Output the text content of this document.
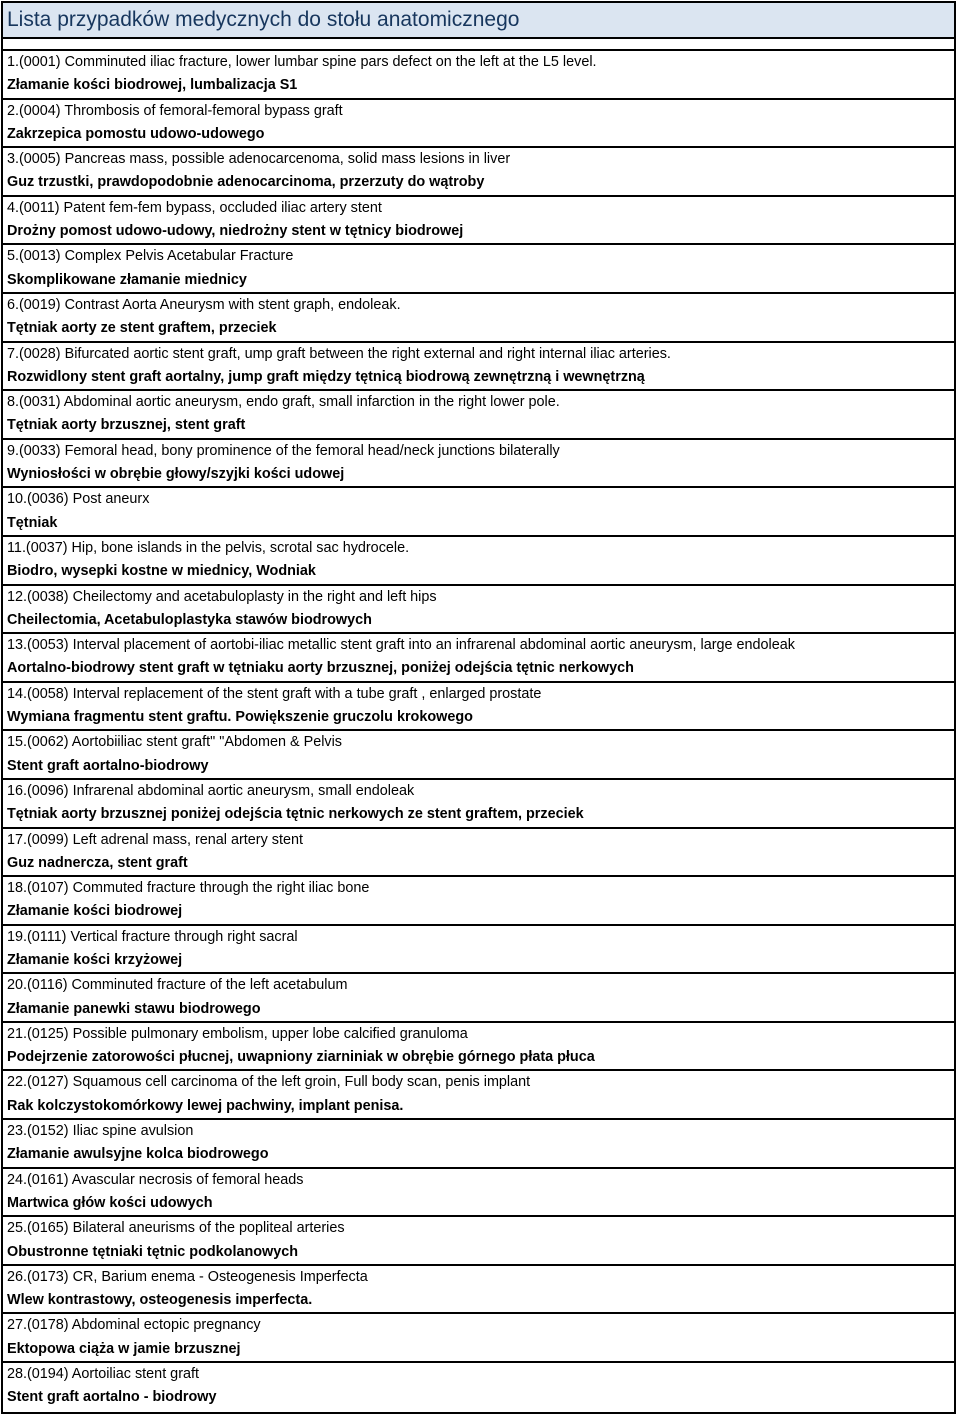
Lista przypadków medycznych do stołu anatomicznego
1.(0001) Comminuted iliac fracture, lower lumbar spine pars defect on the left at the L5 level.
Złamanie kości biodrowej, lumbalizacja S1
2.(0004) Thrombosis of femoral-femoral bypass graft
Zakrzepica pomostu udowo-udowego
3.(0005) Pancreas mass, possible adenocarcenoma, solid mass lesions in liver
Guz trzustki, prawdopodobnie adenocarcinoma, przerzuty do wątroby
4.(0011) Patent fem-fem bypass, occluded iliac artery stent
Drożny pomost udowo-udowy, niedrożny stent w tętnicy biodrowej
5.(0013) Complex Pelvis Acetabular Fracture
Skomplikowane złamanie miednicy
6.(0019) Contrast Aorta Aneurysm with stent graph, endoleak.
Tętniak aorty ze stent graftem, przeciek
7.(0028) Bifurcated aortic stent graft, ump graft between the right external and right internal iliac arteries.
Rozwidlony stent graft aortalny, jump graft między tętnicą biodrową zewnętrzną i wewnętrzną
8.(0031) Abdominal aortic aneurysm, endo graft, small infarction in the right lower pole.
Tętniak aorty brzusznej, stent graft
9.(0033) Femoral head, bony prominence of the femoral head/neck junctions bilaterally
Wyniosłości w obrębie głowy/szyjki kości udowej
10.(0036) Post aneurx
Tętniak
11.(0037) Hip, bone islands in the pelvis, scrotal sac hydrocele.
Biodro, wysepki kostne w miednicy, Wodniak
12.(0038) Cheilectomy and acetabuloplasty in the right and left hips
Cheilectomia, Acetabuloplastyka stawów biodrowych
13.(0053) Interval placement of aortobi-iliac metallic stent graft into an infrarenal abdominal aortic aneurysm, large endoleak
Aortalno-biodrowy stent graft w tętniaku aorty brzusznej, poniżej odejścia tętnic nerkowych
14.(0058) Interval replacement of the stent graft with a tube graft , enlarged prostate
Wymiana fragmentu stent graftu. Powiększenie gruczolu krokowego
15.(0062) Aortobiiliac stent graft" "Abdomen & Pelvis
Stent graft aortalno-biodrowy
16.(0096) Infrarenal abdominal aortic aneurysm, small endoleak
Tętniak aorty brzusznej poniżej odejścia tętnic nerkowych ze stent graftem, przeciek
17.(0099) Left adrenal mass, renal artery stent
Guz nadnercza, stent graft
18.(0107) Commuted fracture through the right iliac bone
Złamanie kości biodrowej
19.(0111) Vertical fracture through right sacral
Złamanie kości krzyżowej
20.(0116) Comminuted fracture of the left acetabulum
Złamanie panewki stawu biodrowego
21.(0125) Possible pulmonary embolism, upper lobe calcified granuloma
Podejrzenie zatorowości płucnej, uwapniony ziarniniak w obrębie górnego płata płuca
22.(0127) Squamous cell carcinoma of the left groin, Full body scan, penis implant
Rak kolczystokomórkowy lewej pachwiny, implant penisa.
23.(0152) Iliac spine avulsion
Złamanie awulsyjne kolca biodrowego
24.(0161) Avascular necrosis of femoral heads
Martwica głów kości udowych
25.(0165) Bilateral aneurisms of the popliteal arteries
Obustronne tętniaki tętnic podkolanowych
26.(0173) CR, Barium enema - Osteogenesis Imperfecta
Wlew kontrastowy, osteogenesis imperfecta.
27.(0178) Abdominal ectopic pregnancy
Ektopowa ciąża w jamie brzusznej
28.(0194) Aortoiliac stent graft
Stent graft aortalno - biodrowy
